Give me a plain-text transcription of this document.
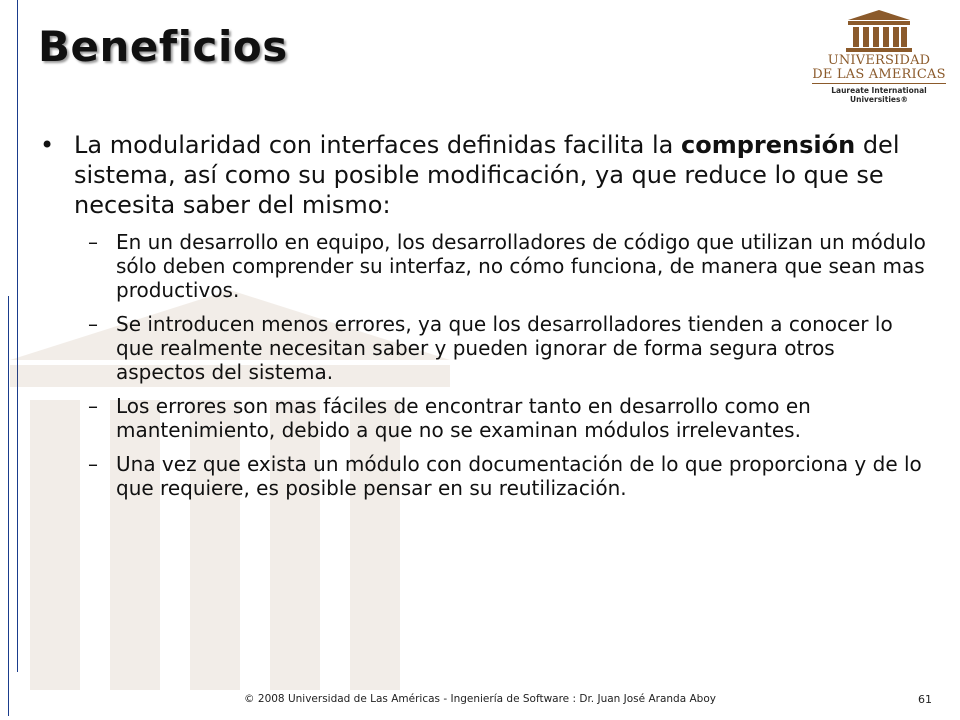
Beneficios	UNIVERSIDAD
DE LAS AMERICAS
Laureate International Universities®
• La modularidad con interfaces definidas facilita la comprensión del sistema, así como su posible modificación, ya que reduce lo que se necesita saber del mismo:
– En un desarrollo en equipo, los desarrolladores de código que utilizan un módulo sólo deben comprender su interfaz, no cómo funciona, de manera que sean mas productivos.
– Se introducen menos errores, ya que los desarrolladores tienden a conocer lo que realmente necesitan saber y pueden ignorar de forma segura otros aspectos del sistema.
– Los errores son mas fáciles de encontrar tanto en desarrollo como en mantenimiento, debido a que no se examinan módulos irrelevantes.
– Una vez que exista un módulo con documentación de lo que proporciona y de lo que requiere, es posible pensar en su reutilización.
© 2008 Universidad de Las Américas - Ingeniería de Software : Dr. Juan José Aranda Aboy	61
